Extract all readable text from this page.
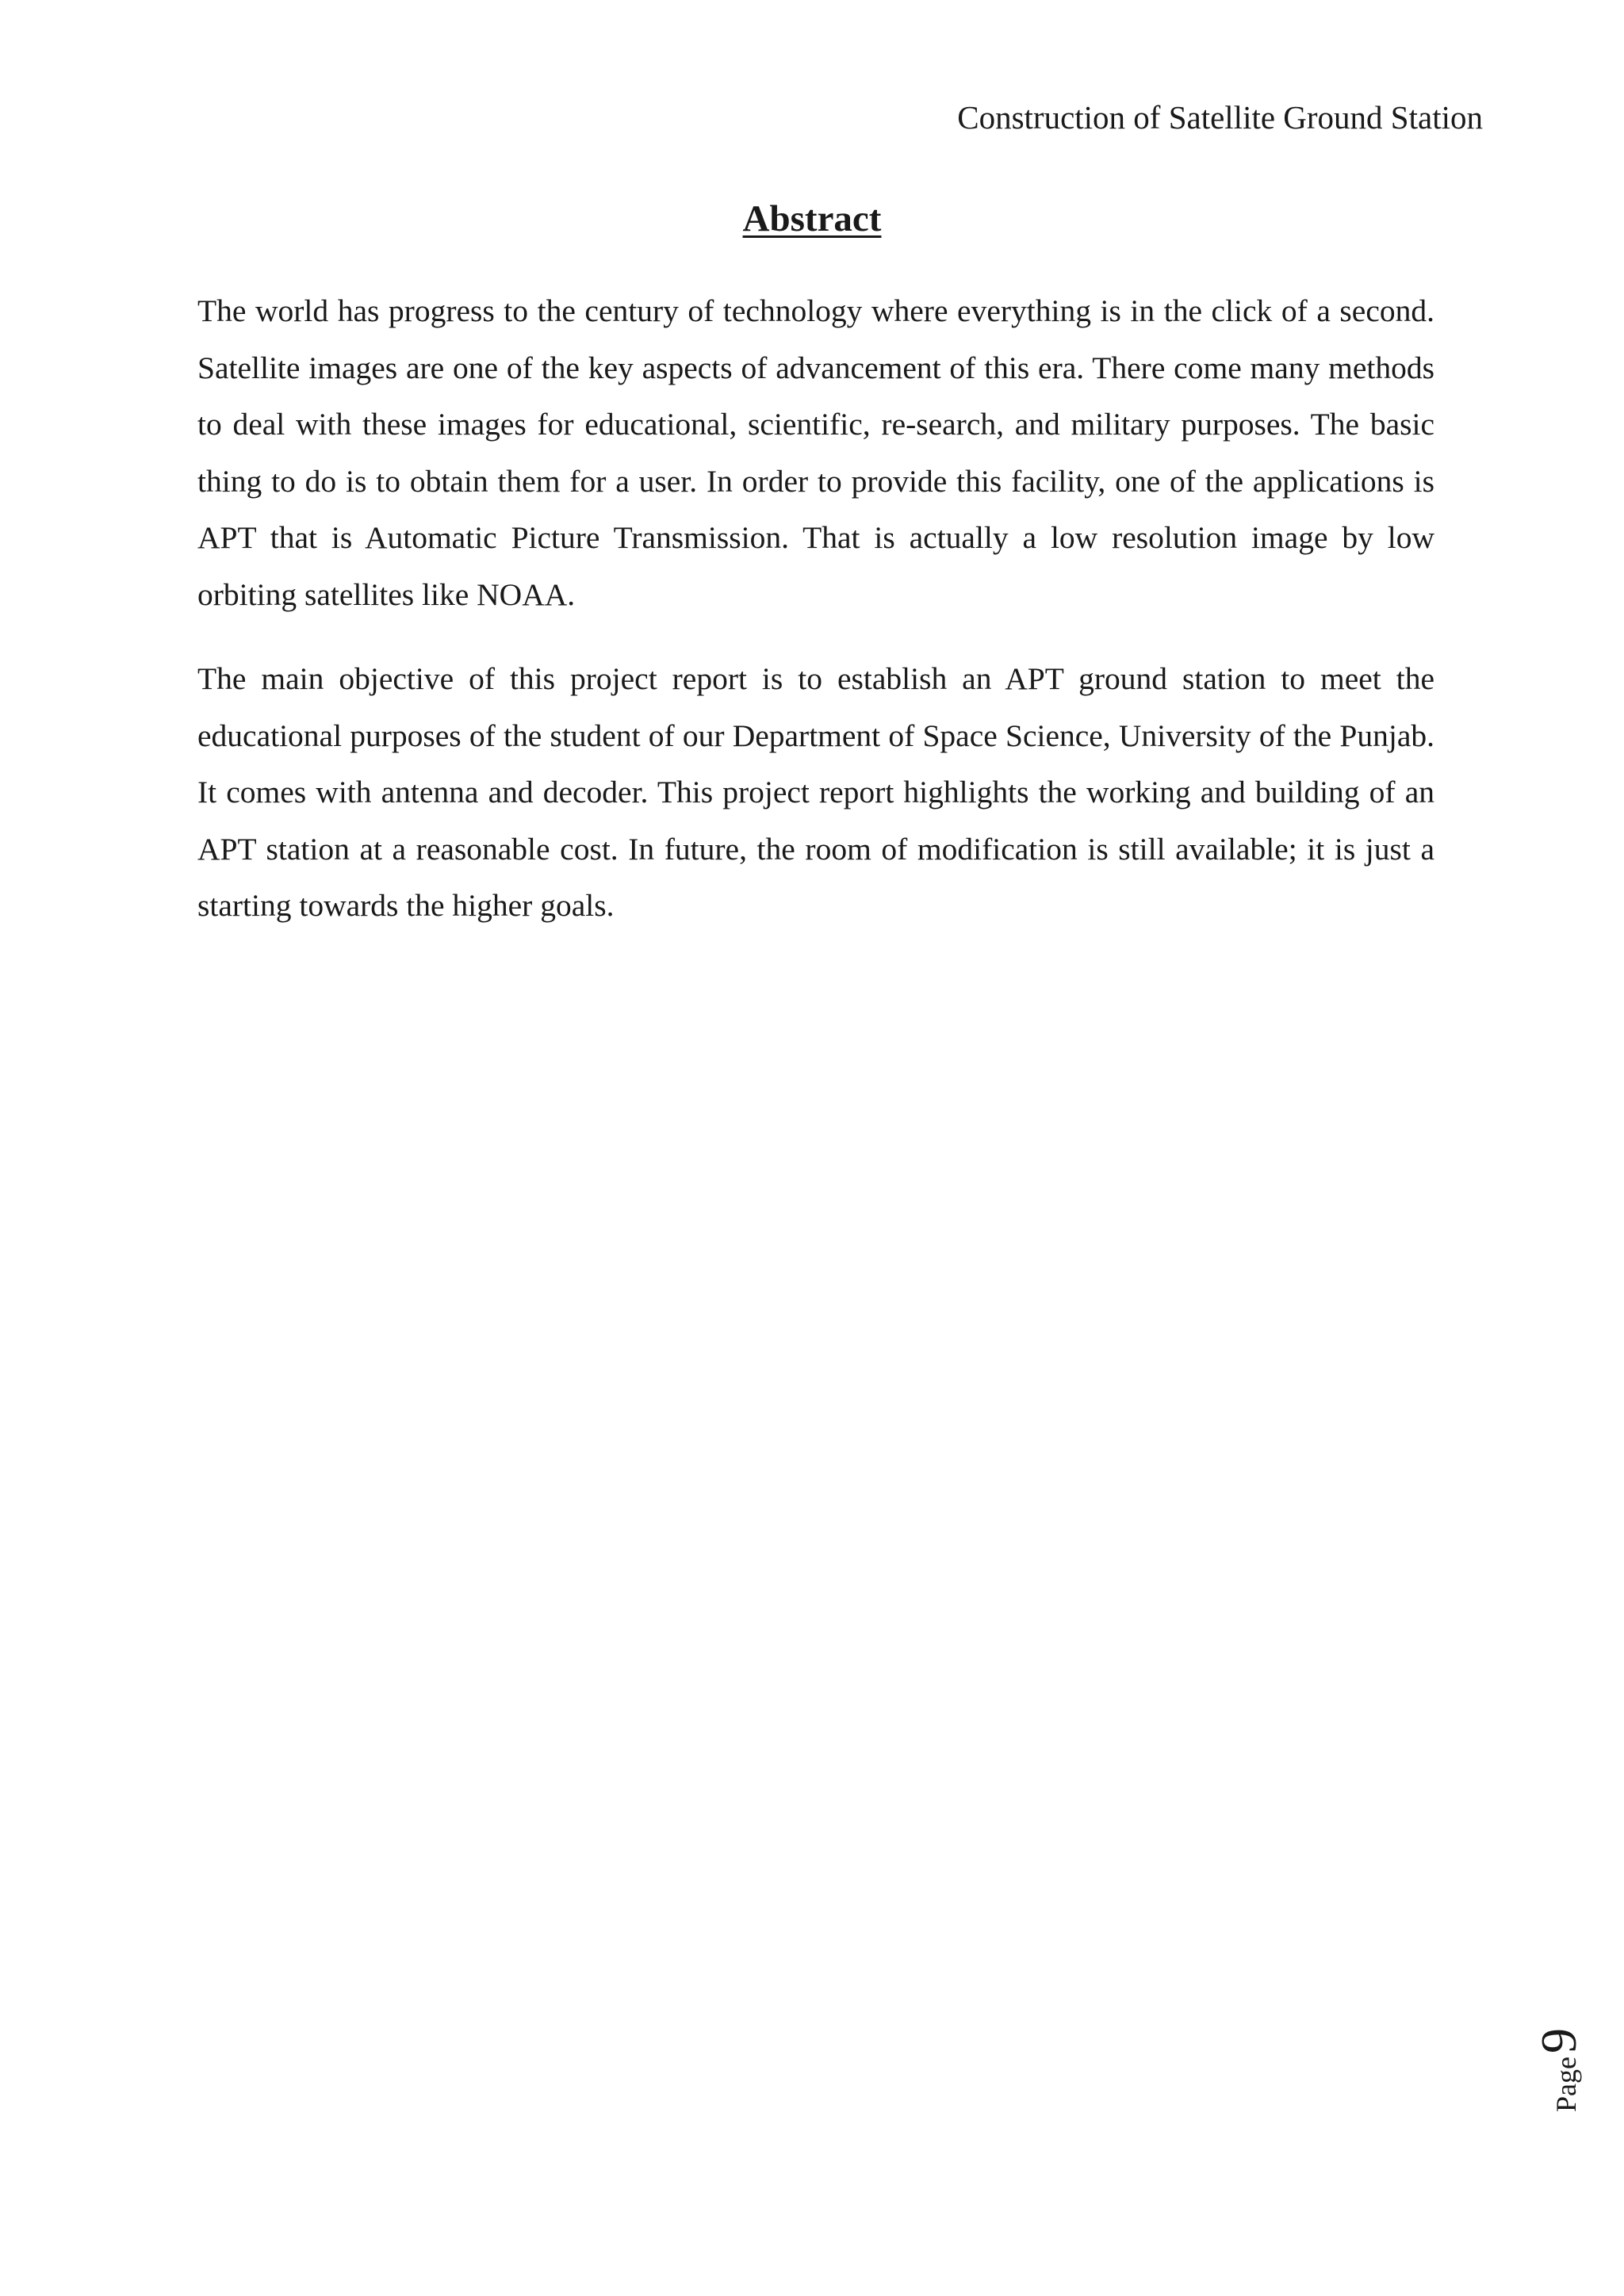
Construction of Satellite Ground Station
Abstract

The world has progress to the century of technology where everything is in the click of a second. Satellite images are one of the key aspects of advancement of this era. There come many methods to deal with these images for educational, scientific, re-search, and military purposes. The basic thing to do is to obtain them for a user. In order to provide this facility, one of the applications is APT that is Automatic Picture Transmission. That is actually a low resolution image by low orbiting satellites like NOAA.

The main objective of this project report is to establish an APT ground station to meet the educational purposes of the student of our Department of Space Science, University of the Punjab. It comes with antenna and decoder. This project report highlights the working and building of an APT station at a reasonable cost. In future, the room of modification is still available; it is just a starting towards the higher goals.

Page
9
